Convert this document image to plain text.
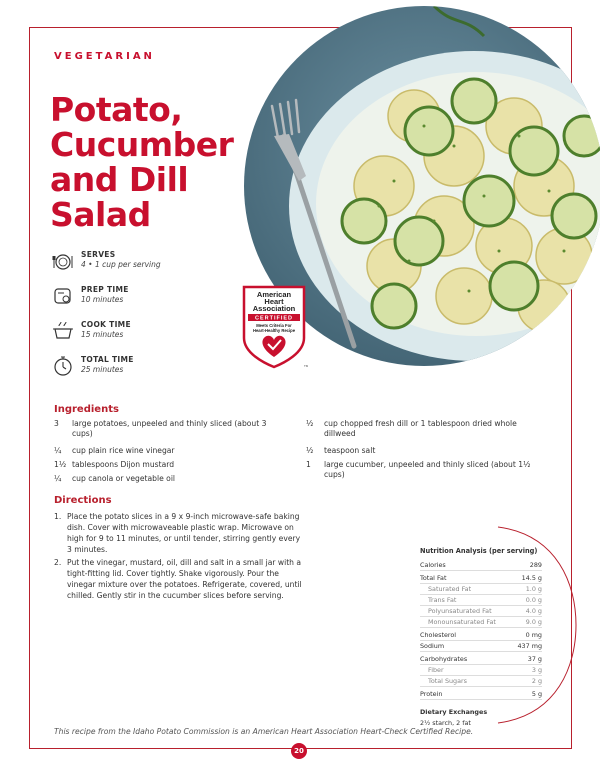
VEGETARIAN
Potato,
Cucumber
and Dill
Salad
SERVES
4 • 1 cup per serving
PREP TIME
10 minutes
COOK TIME
15 minutes
TOTAL TIME
25 minutes
American
Heart
Association
CERTIFIED
Meets Criteria For
Heart-Healthy Recipe
TM
Ingredients
3 large potatoes, unpeeled and thinly sliced (about 3 cups)
¼ cup plain rice wine vinegar
1½ tablespoons Dijon mustard
¼ cup canola or vegetable oil
½ cup chopped fresh dill or 1 tablespoon dried whole dillweed
½ teaspoon salt
1 large cucumber, unpeeled and thinly sliced (about 1½ cups)
Directions
1. Place the potato slices in a 9 x 9-inch microwave-safe baking dish. Cover with microwaveable plastic wrap. Microwave on high for 9 to 11 minutes, or until tender, stirring gently every 3 minutes.
2. Put the vinegar, mustard, oil, dill and salt in a small jar with a tight-fitting lid. Cover tightly. Shake vigorously. Pour the vinegar mixture over the potatoes. Refrigerate, covered, until chilled. Gently stir in the cucumber slices before serving.
Nutrition Analysis (per serving)
Calories	289
Total Fat	14.5 g
Saturated Fat	1.0 g
Trans Fat	0.0 g
Polyunsaturated Fat	4.0 g
Monounsaturated Fat	9.0 g
Cholesterol	0 mg
Sodium	437 mg
Carbohydrates	37 g
Fiber	3 g
Total Sugars	2 g
Protein	5 g
Dietary Exchanges
2½ starch, 2 fat
This recipe from the Idaho Potato Commission is an American Heart Association Heart-Check Certified Recipe.
20
